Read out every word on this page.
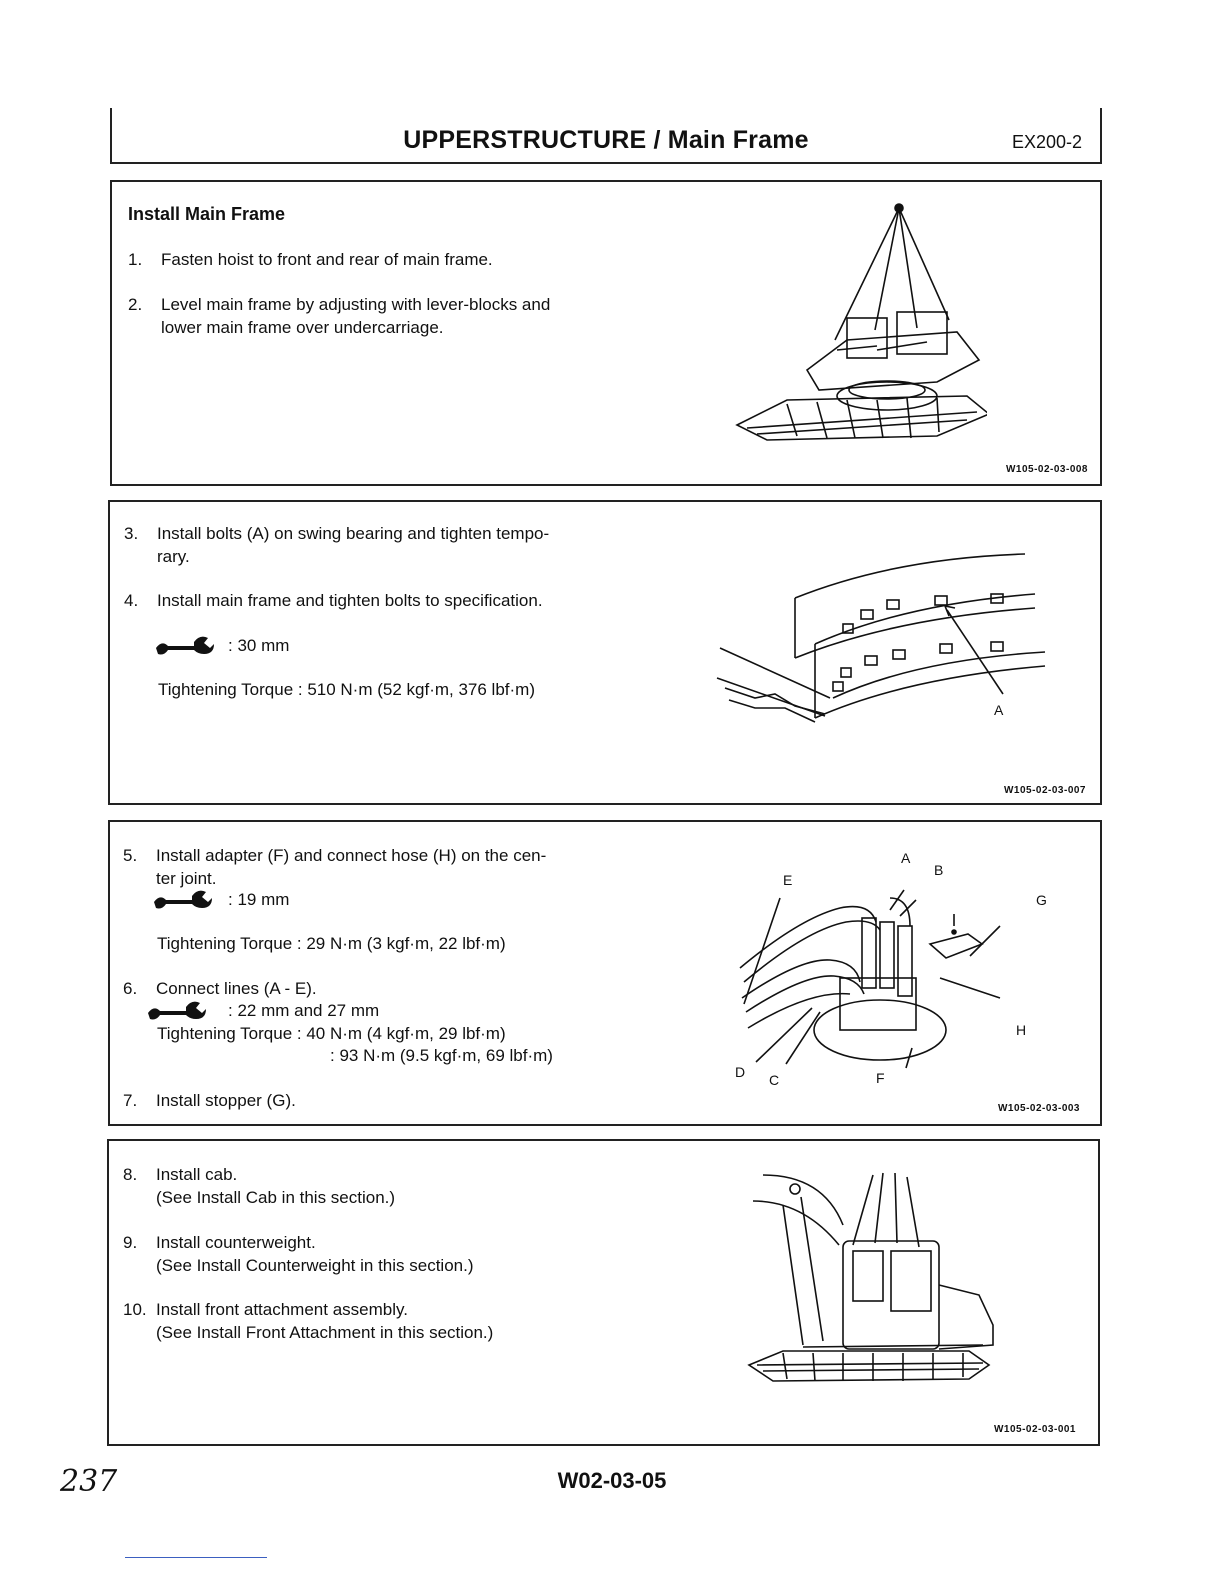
UPPERSTRUCTURE / Main Frame	EX200-2
Install Main Frame
1. Fasten hoist to front and rear of main frame.
2. Level main frame by adjusting with lever-blocks and
lower main frame over undercarriage.
W105-02-03-008
3. Install bolts (A) on swing bearing and tighten tempo-
rary.
4. Install main frame and tighten bolts to specification.
: 30 mm
Tightening Torque : 510 N·m (52 kgf·m, 376 lbf·m)
A
W105-02-03-007
5. Install adapter (F) and connect hose (H) on the cen-
ter joint.
: 19 mm
Tightening Torque : 29 N·m (3 kgf·m, 22 lbf·m)
6. Connect lines (A - E).
: 22 mm and 27 mm
Tightening Torque : 40 N·m (4 kgf·m, 29 lbf·m)
: 93 N·m (9.5 kgf·m, 69 lbf·m)
7. Install stopper (G).
A
B
E
G
H
D C	F
W105-02-03-003
8. Install cab.
(See Install Cab in this section.)
9. Install counterweight.
(See Install Counterweight in this section.)
10. Install front attachment assembly.
(See Install Front Attachment in this section.)
W105-02-03-001
237	W02-03-05
